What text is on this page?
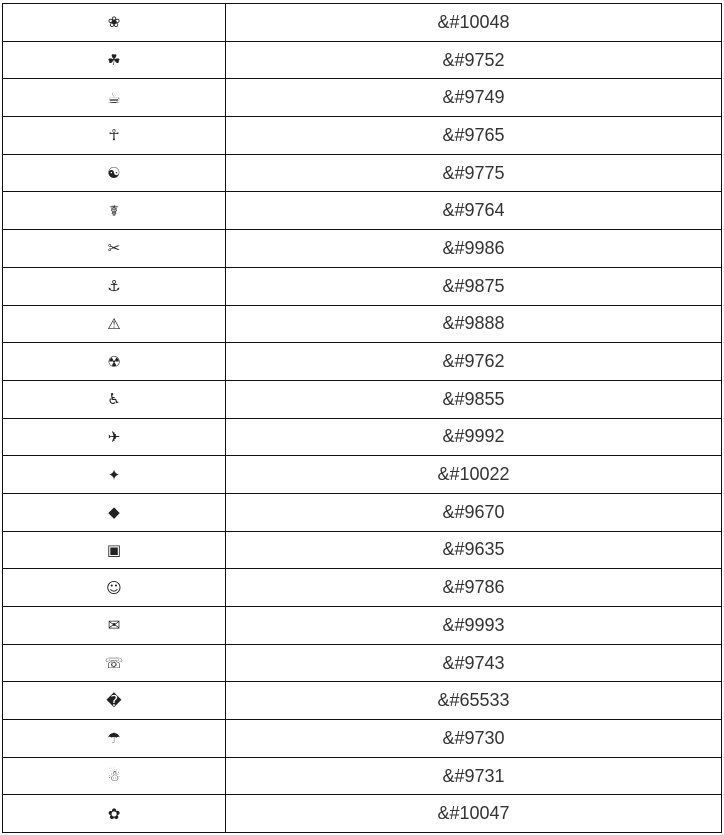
❀	&#10048
☘	&#9752
☕	&#9749
☥	&#9765
☯	&#9775
☤	&#9764
✂	&#9986
⚓	&#9875
⚠	&#9888
☢	&#9762
♿	&#9855
✈	&#9992
✦	&#10022
◆	&#9670
▣	&#9635
☺	&#9786
✉	&#9993
☏	&#9743
�	&#65533
☂	&#9730
☃	&#9731
✿	&#10047
